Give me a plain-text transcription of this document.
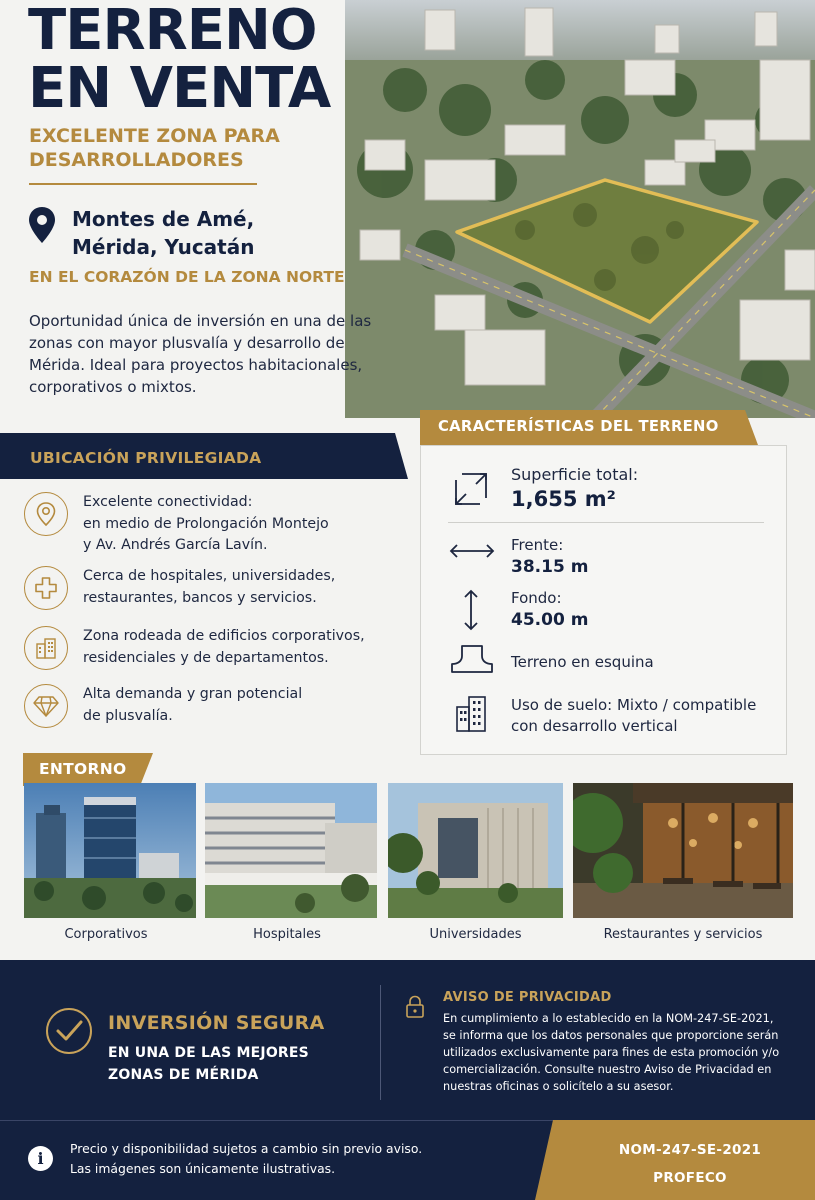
TERRENO
EN VENTA
EXCELENTE ZONA PARA
DESARROLLADORES
Montes de Amé,
Mérida, Yucatán
EN EL CORAZÓN DE LA ZONA NORTE
Oportunidad única de inversión en una de las zonas con mayor plusvalía y desarrollo de Mérida. Ideal para proyectos habitacionales, corporativos o mixtos.
UBICACIÓN PRIVILEGIADA
Excelente conectividad:
en medio de Prolongación Montejo
y Av. Andrés García Lavín.
Cerca de hospitales, universidades,
restaurantes, bancos y servicios.
Zona rodeada de edificios corporativos,
residenciales y de departamentos.
Alta demanda y gran potencial
de plusvalía.
CARACTERÍSTICAS DEL TERRENO
Superficie total:
1,655 m²
Frente:
38.15 m
Fondo:
45.00 m
Terreno en esquina
Uso de suelo: Mixto / compatible
con desarrollo vertical
ENTORNO
Corporativos	Hospitales	Universidades	Restaurantes y servicios
INVERSIÓN SEGURA
EN UNA DE LAS MEJORES ZONAS DE MÉRIDA
AVISO DE PRIVACIDAD
En cumplimiento a lo establecido en la NOM-247-SE-2021, se informa que los datos personales que proporcione serán utilizados exclusivamente para fines de esta promoción y/o comercialización. Consulte nuestro Aviso de Privacidad en nuestras oficinas o solicítelo a su asesor.
i
Precio y disponibilidad sujetos a cambio sin previo aviso.
Las imágenes son únicamente ilustrativas.
NOM-247-SE-2021
PROFECO
